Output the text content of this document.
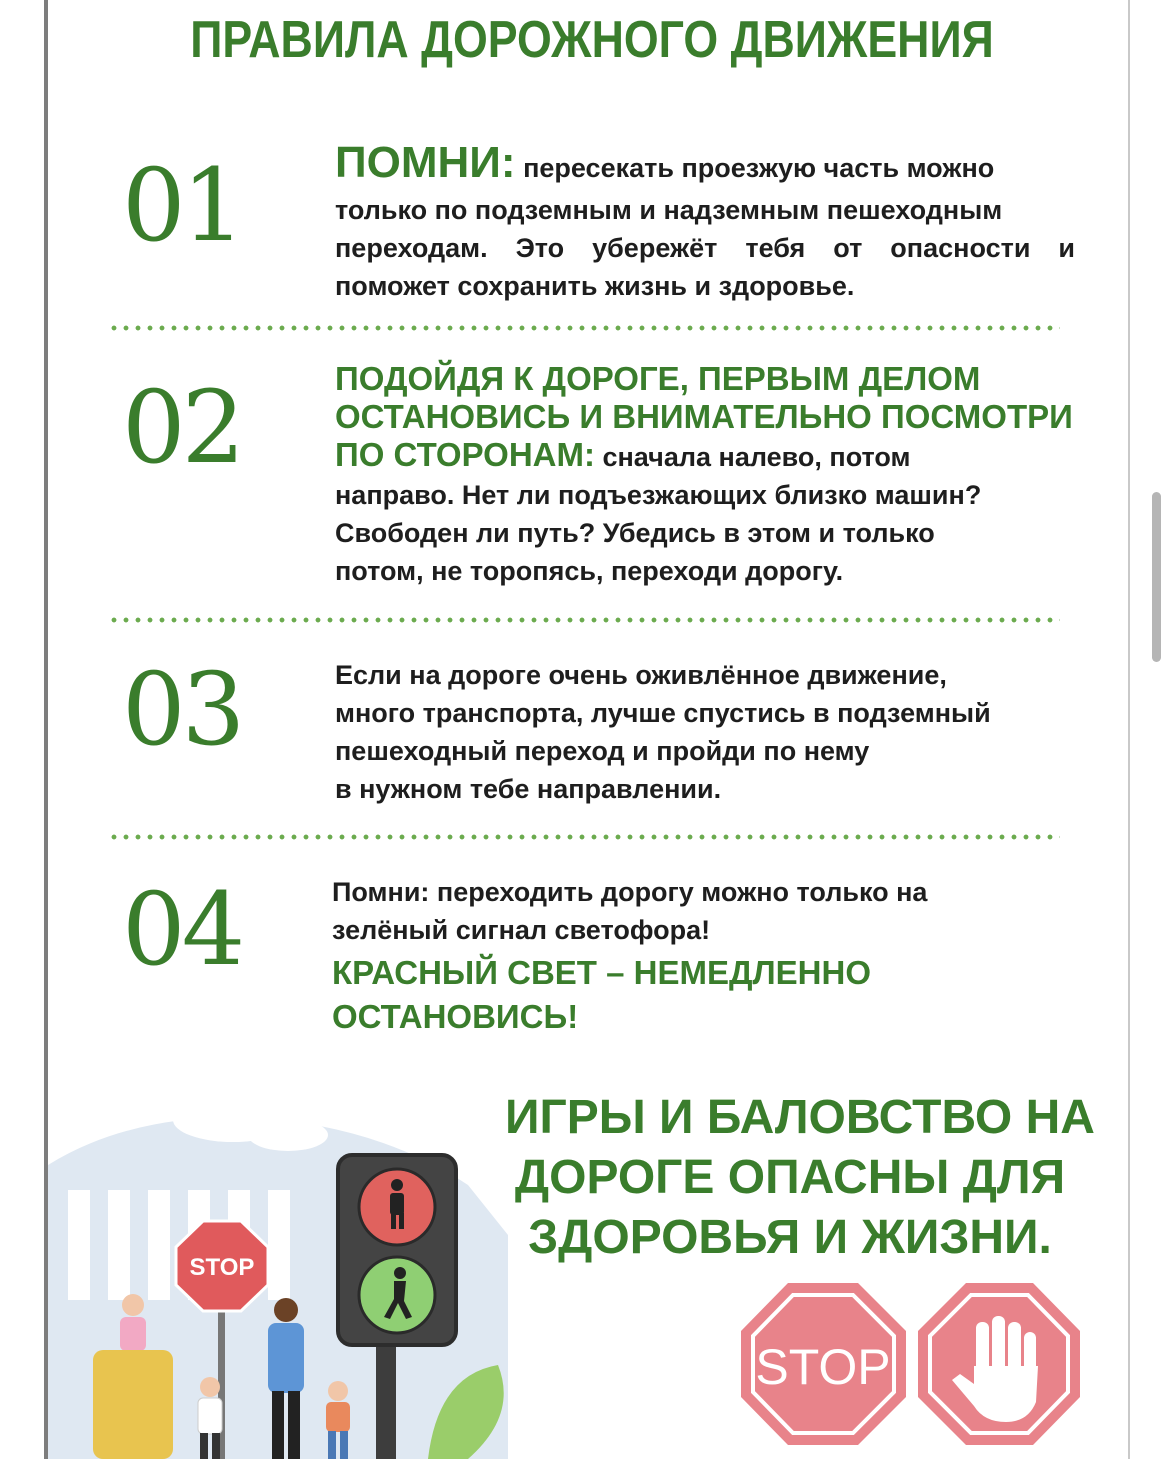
ПРАВИЛА ДОРОЖНОГО ДВИЖЕНИЯ
01 ПОМНИ: пересекать проезжую часть можно
только по подземным и надземным пешеходным
переходам. Это убережёт тебя от опасности и
поможет сохранить жизнь и здоровье.
02	ПОДОЙДЯ К ДОРОГЕ, ПЕРВЫМ ДЕЛОМ
ОСТАНОВИСЬ И ВНИМАТЕЛЬНО ПОСМОТРИ
ПО СТОРОНАМ: сначала налево, потом
направо. Нет ли подъезжающих близко машин?
Свободен ли путь? Убедись в этом и только
потом, не торопясь, переходи дорогу.
03	Если на дороге очень оживлённое движение,
много транспорта, лучше спустись в подземный
пешеходный переход и пройди по нему
в нужном тебе направлении.
04	Помни: переходить дорогу можно только на
зелёный сигнал светофора!
КРАСНЫЙ СВЕТ – НЕМЕДЛЕННО
ОСТАНОВИСЬ!
ИГРЫ И БАЛОВСТВО НА
ДОРОГЕ ОПАСНЫ ДЛЯ
ЗДОРОВЬЯ И ЖИЗНИ.
STOP
STOP
